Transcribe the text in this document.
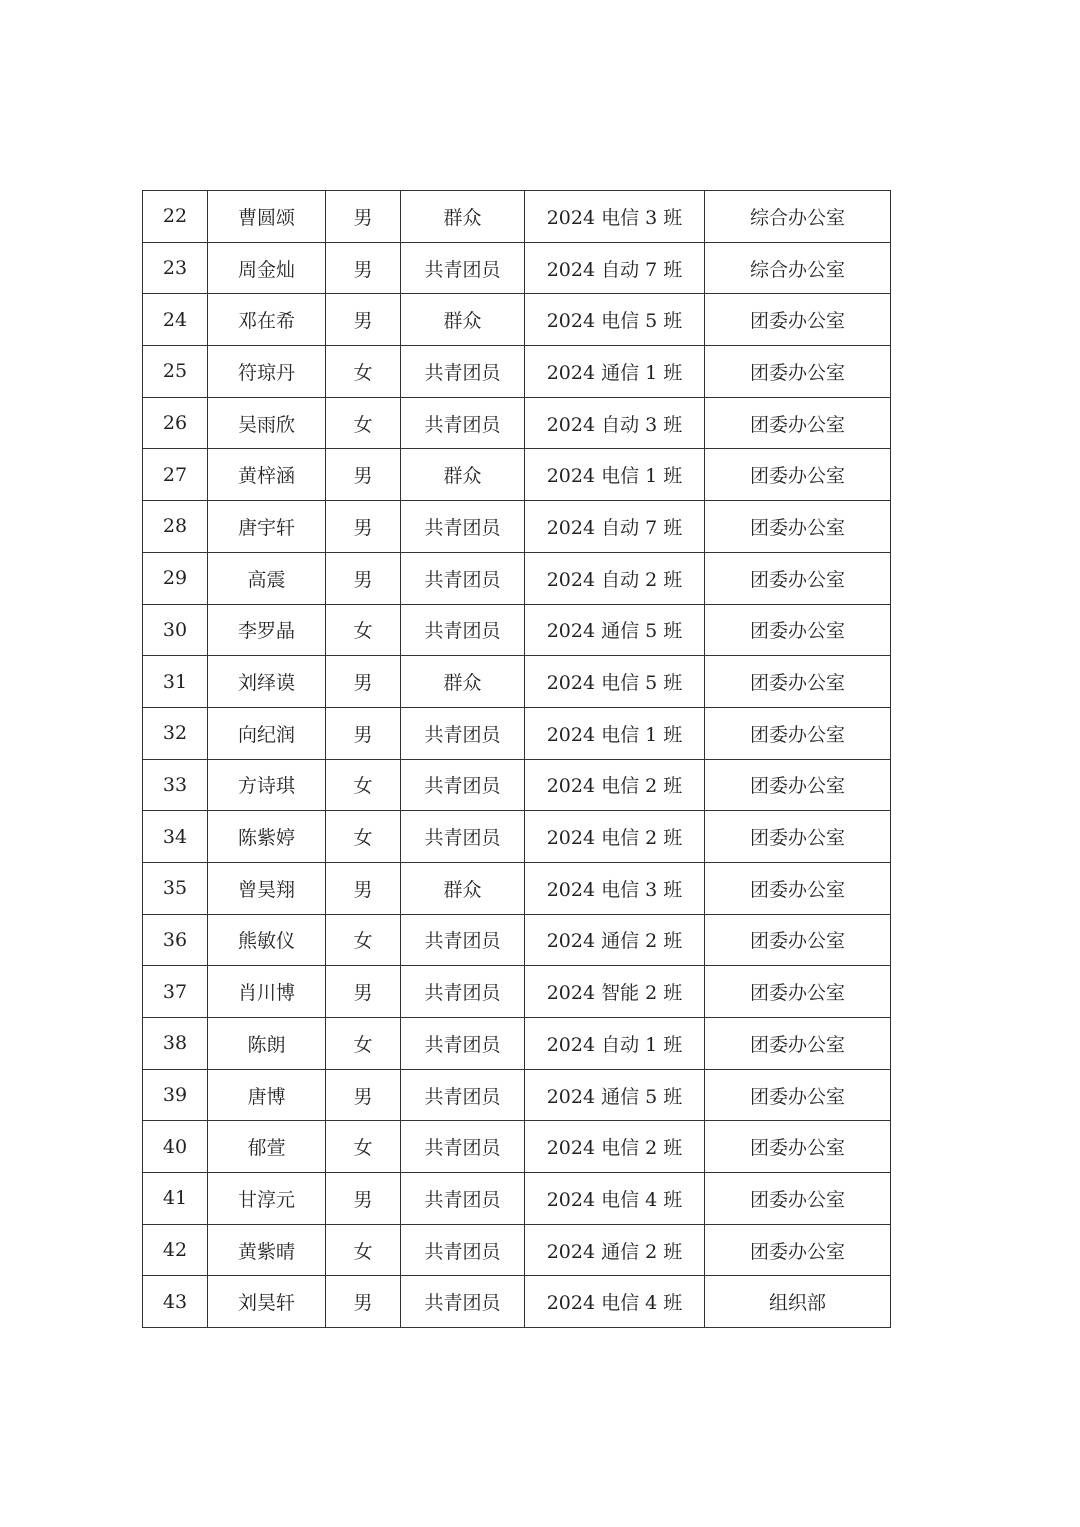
22	曹圆颂	男	群众	2024 电信 3 班	综合办公室
23	周金灿	男	共青团员	2024 自动 7 班	综合办公室
24	邓在希	男	群众	2024 电信 5 班	团委办公室
25	符琼丹	女	共青团员	2024 通信 1 班	团委办公室
26	吴雨欣	女	共青团员	2024 自动 3 班	团委办公室
27	黄梓涵	男	群众	2024 电信 1 班	团委办公室
28	唐宇轩	男	共青团员	2024 自动 7 班	团委办公室
29	高震	男	共青团员	2024 自动 2 班	团委办公室
30	李罗晶	女	共青团员	2024 通信 5 班	团委办公室
31	刘绎谟	男	群众	2024 电信 5 班	团委办公室
32	向纪润	男	共青团员	2024 电信 1 班	团委办公室
33	方诗琪	女	共青团员	2024 电信 2 班	团委办公室
34	陈紫婷	女	共青团员	2024 电信 2 班	团委办公室
35	曾昊翔	男	群众	2024 电信 3 班	团委办公室
36	熊敏仪	女	共青团员	2024 通信 2 班	团委办公室
37	肖川博	男	共青团员	2024 智能 2 班	团委办公室
38	陈朗	女	共青团员	2024 自动 1 班	团委办公室
39	唐博	男	共青团员	2024 通信 5 班	团委办公室
40	郁萱	女	共青团员	2024 电信 2 班	团委办公室
41	甘淳元	男	共青团员	2024 电信 4 班	团委办公室
42	黄紫晴	女	共青团员	2024 通信 2 班	团委办公室
43	刘昊轩	男	共青团员	2024 电信 4 班	组织部
